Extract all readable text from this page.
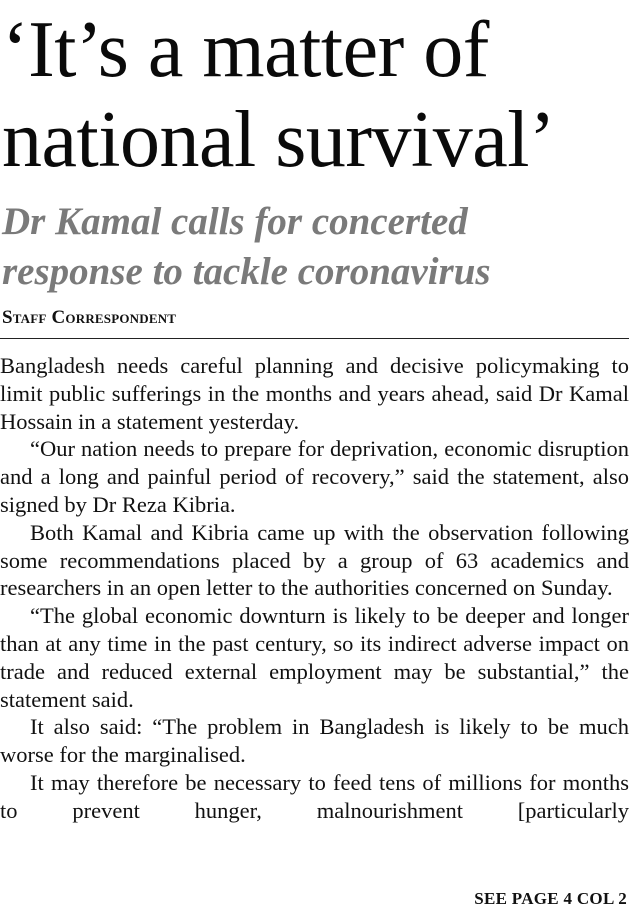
‘It’s a matter of
national survival’
Dr Kamal calls for concerted
response to tackle coronavirus
Staff Correspondent

Bangladesh needs careful planning and decisive policymaking to limit public sufferings in the months and years ahead, said Dr Kamal Hossain in a statement yesterday.

“Our nation needs to prepare for deprivation, economic disruption and a long and painful period of recovery,” said the statement, also signed by Dr Reza Kibria.

Both Kamal and Kibria came up with the observation following some recommendations placed by a group of 63 academics and researchers in an open letter to the authorities concerned on Sunday.

“The global economic downturn is likely to be deeper and longer than at any time in the past century, so its indirect adverse impact on trade and reduced external employment may be substantial,” the statement said.

It also said: “The problem in Bangladesh is likely to be much worse for the marginalised.

It may therefore be necessary to feed tens of millions for months to prevent hunger, malnourishment [particularly

SEE PAGE 4 COL 2
